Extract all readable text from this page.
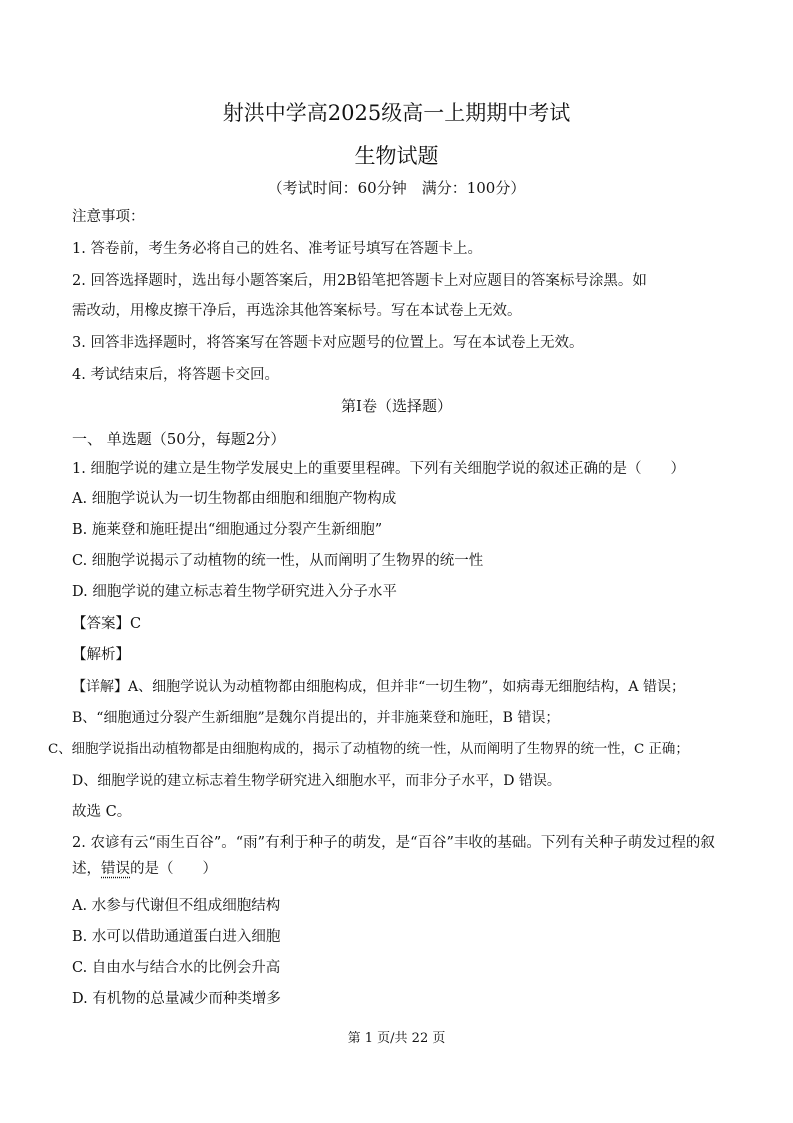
射洪中学高2025级高一上期期中考试
生物试题
（考试时间：60分钟　满分：100分）
注意事项：
1. 答卷前，考生务必将自己的姓名、准考证号填写在答题卡上。
2. 回答选择题时，选出每小题答案后，用2B铅笔把答题卡上对应题目的答案标号涂黑。如
需改动，用橡皮擦干净后，再选涂其他答案标号。写在本试卷上无效。
3. 回答非选择题时，将答案写在答题卡对应题号的位置上。写在本试卷上无效。
4. 考试结束后，将答题卡交回。
第Ⅰ卷（选择题）
一、 单选题（50分，每题2分）
1. 细胞学说的建立是生物学发展史上的重要里程碑。下列有关细胞学说的叙述正确的是（　　）
A. 细胞学说认为一切生物都由细胞和细胞产物构成
B. 施莱登和施旺提出“细胞通过分裂产生新细胞”
C. 细胞学说揭示了动植物的统一性，从而阐明了生物界的统一性
D. 细胞学说的建立标志着生物学研究进入分子水平
【答案】C
【解析】
【详解】A、细胞学说认为动植物都由细胞构成，但并非“一切生物”，如病毒无细胞结构，A 错误；
B、“细胞通过分裂产生新细胞”是魏尔肖提出的，并非施莱登和施旺，B 错误；
C、细胞学说指出动植物都是由细胞构成的，揭示了动植物的统一性，从而阐明了生物界的统一性，C 正确；
D、细胞学说的建立标志着生物学研究进入细胞水平，而非分子水平，D 错误。
故选 C。
2. 农谚有云“雨生百谷”。“雨”有利于种子的萌发，是“百谷”丰收的基础。下列有关种子萌发过程的叙
述，错误的是（　　）
A. 水参与代谢但不组成细胞结构
B. 水可以借助通道蛋白进入细胞
C. 自由水与结合水的比例会升高
D. 有机物的总量减少而种类增多
第 1 页/共 22 页
